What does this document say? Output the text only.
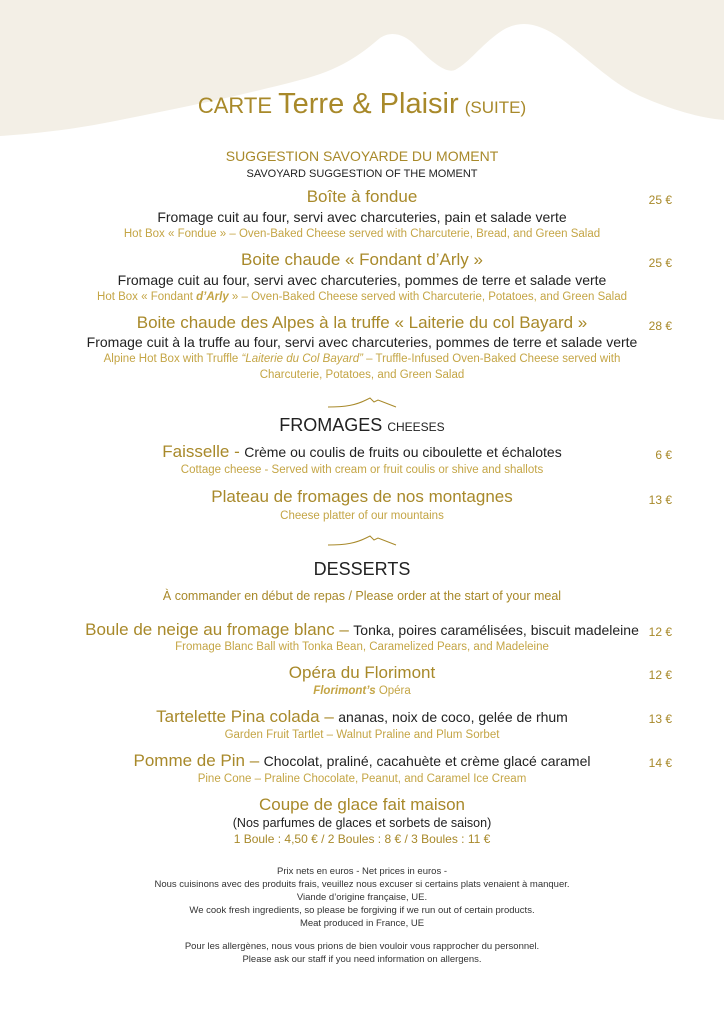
CARTE Terre & Plaisir (SUITE)
SUGGESTION SAVOYARDE DU MOMENT
SAVOYARD SUGGESTION OF THE MOMENT
Boîte à fondue	25 €
Fromage cuit au four, servi avec charcuteries, pain et salade verte
Hot Box « Fondue » – Oven-Baked Cheese served with Charcuterie, Bread, and Green Salad
Boite chaude « Fondant d’Arly »	25 €
Fromage cuit au four, servi avec charcuteries, pommes de terre et salade verte
Hot Box « Fondant d’Arly » – Oven-Baked Cheese served with Charcuterie, Potatoes, and Green Salad
Boite chaude des Alpes à la truffe « Laiterie du col Bayard »	28 €
Fromage cuit à la truffe au four, servi avec charcuteries, pommes de terre et salade verte
Alpine Hot Box with Truffle “Laiterie du Col Bayard” – Truffle-Infused Oven-Baked Cheese served with
Charcuterie, Potatoes, and Green Salad
FROMAGES CHEESES
Faisselle - Crème ou coulis de fruits ou ciboulette et échalotes	6 €
Cottage cheese - Served with cream or fruit coulis or shive and shallots
Plateau de fromages de nos montagnes	13 €
Cheese platter of our mountains
DESSERTS
À commander en début de repas / Please order at the start of your meal
Boule de neige au fromage blanc – Tonka, poires caramélisées, biscuit madeleine 12 €
Fromage Blanc Ball with Tonka Bean, Caramelized Pears, and Madeleine
Opéra du Florimont	12 €
Florimont’s Opéra
Tartelette Pina colada – ananas, noix de coco, gelée de rhum	13 €
Garden Fruit Tartlet – Walnut Praline and Plum Sorbet
Pomme de Pin – Chocolat, praliné, cacahuète et crème glacé caramel	14 €
Pine Cone – Praline Chocolate, Peanut, and Caramel Ice Cream
Coupe de glace fait maison
(Nos parfumes de glaces et sorbets de saison)
1 Boule : 4,50 € / 2 Boules : 8 € / 3 Boules : 11 €
Prix nets en euros - Net prices in euros -
Nous cuisinons avec des produits frais, veuillez nous excuser si certains plats venaient à manquer.
Viande d’origine française, UE.
We cook fresh ingredients, so please be forgiving if we run out of certain products.
Meat produced in France, UE
Pour les allergènes, nous vous prions de bien vouloir vous rapprocher du personnel.
Please ask our staff if you need information on allergens.
